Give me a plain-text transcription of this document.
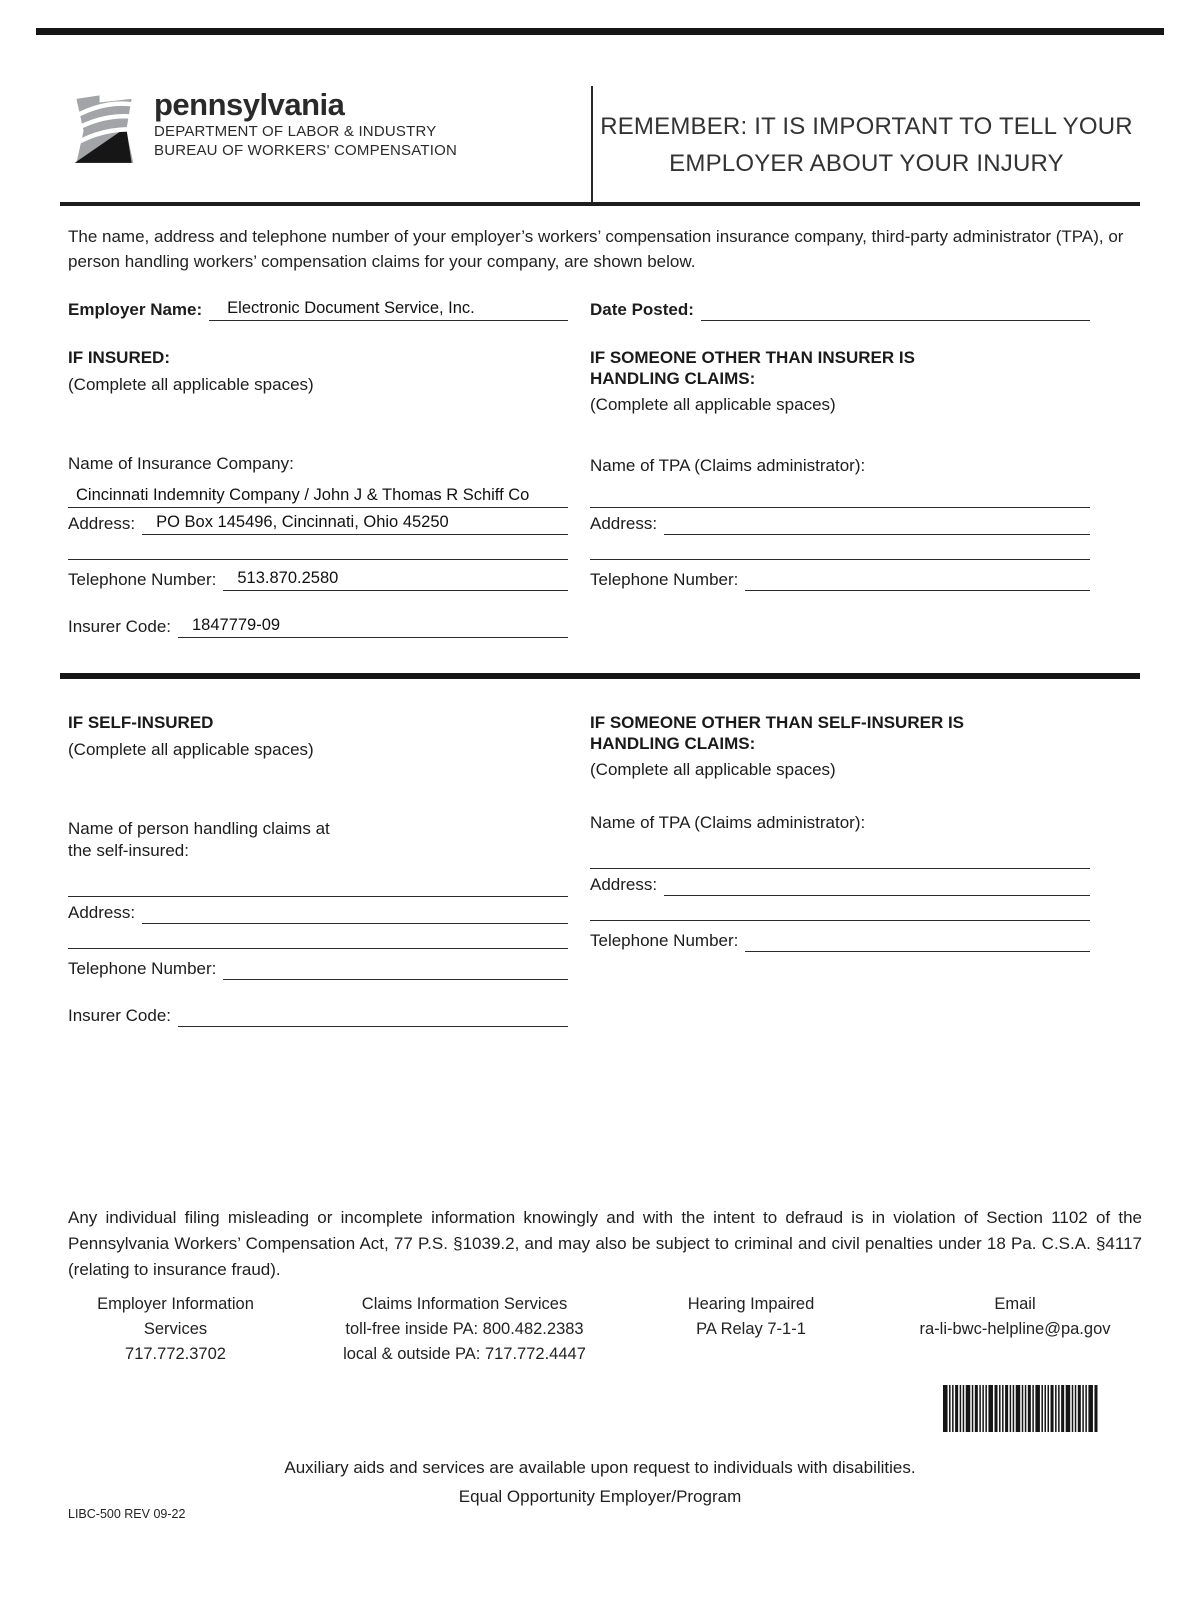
pennsylvania
DEPARTMENT OF LABOR & INDUSTRY
BUREAU OF WORKERS' COMPENSATION
REMEMBER: IT IS IMPORTANT TO TELL YOUR
EMPLOYER ABOUT YOUR INJURY
The name, address and telephone number of your employer’s workers’ compensation insurance company, third-party administrator (TPA), or person handling workers’ compensation claims for your company, are shown below.
Employer Name:	Electronic Document Service, Inc.	Date Posted:
IF INSURED:
(Complete all applicable spaces)
Name of Insurance Company:
Cincinnati Indemnity Company / John J & Thomas R Schiff Co
Address:	PO Box 145496, Cincinnati, Ohio 45250
Telephone Number:	513.870.2580
Insurer Code:	1847779-09
IF SOMEONE OTHER THAN INSURER IS
HANDLING CLAIMS:
(Complete all applicable spaces)
Name of TPA (Claims administrator):
Address:
Telephone Number:
IF SELF-INSURED
(Complete all applicable spaces)
Name of person handling claims at
the self-insured:
Address:
Telephone Number:
Insurer Code:
IF SOMEONE OTHER THAN SELF-INSURER IS
HANDLING CLAIMS:
(Complete all applicable spaces)
Name of TPA (Claims administrator):
Address:
Telephone Number:
Any individual filing misleading or incomplete information knowingly and with the intent to defraud is in violation of Section 1102 of the Pennsylvania Workers’ Compensation Act, 77 P.S. §1039.2, and may also be subject to criminal and civil penalties under 18 Pa. C.S.A. §4117 (relating to insurance fraud).
Employer Information
Services
717.772.3702
Claims Information Services
toll-free inside PA: 800.482.2383
local & outside PA: 717.772.4447
Hearing Impaired
PA Relay 7-1-1
Email
ra-li-bwc-helpline@pa.gov
Auxiliary aids and services are available upon request to individuals with disabilities.
Equal Opportunity Employer/Program
LIBC-500 REV 09-22
